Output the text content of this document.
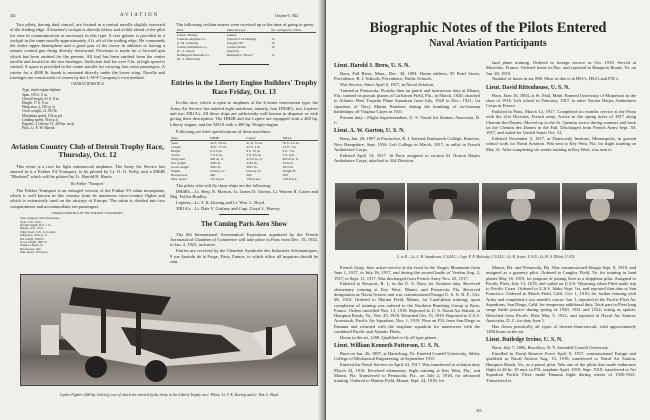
454	AVIATION	October 9, 1922

Two pilots, having dual control, are located in a central nacelle slightly rearward of the leading edge. A bomber's cockpit is directly below and a little ahead of the pilot for ease in communication as necessary in this type. A rear gunner is provided in a cockpit in the same nacelle approximately 4 ft. aft of the trailing edge. He commands the entire upper hemisphere and a good part of the lower in addition to having a remote control gun firing directly downward. Provision is made for a forward gun which has been omitted for the present. All fuel has been omitted from the center nacelle and located in the two fuselages. Sufficient fuel for over 5 hr. at high speed is carried. A space is provided in the center nacelle for carrying four extra passengers. A carrier for a 4000 lb. bomb is mounted directly under the lower wing. Nacelle and fuselages are constructed of veneer by the L-W-F Company's own method.

CHARACTERISTICS
Type, triple engine biplane.
Span, 105 ft. 6 in.
Overall length, 61 ft. 8 in.
Height, 17 ft. 9 in.
Wing area, 2,136 sq. ft.
Gross weight, 21,192 lb.
Maximum speed, 104 m.p.h.
Landing speed, 56 m.p.h.
Engines, 3 Liberty-12, 400 hp. each.
Pilot, Lt. E. W. Barron.
Aviation Country Club of Detroit Trophy Race, Thursday, Oct. 12

This event is a race for light commercial airplanes. The Army Air Service has entered in it a Fokker F4 Transport, to be piloted by Lt. O. G. Kelly, and a DH4B "Bluebird" which will be piloted by Lt. Harold R. Harris.

The Fokker "Transport"

The Fokker Transport is an enlarged version of the Fokker F3 cabin monoplane, which is well known in this country from its numerous cross-country flights and which is extensively used on the airways of Europe. The cabin is divided into two compartments and accommodates ten passengers.

CHARACTERISTICS OF THE FOKKER "TRANSPORT"
Type, transport cabin monoplane.
Span, 74 ft. 10 in.
Overall length, 49 ft. 1 in.
Height, 12 ft. 10 in.
Wing chord, 14 ft. 11 in. max.
Wing area, 1016 sq. ft.
Net weight, 5020 lb.
Gross weight, 7987 lb.
Engine, Liberty-12
Horsepower, 400
Max. speed, 110 m.p.h.

The following civilian entries were received up to the time of going to press:

Pilot	Make & Type	No. Assigned to Plane
John L. Hanley	LePere	
Johnson Airplane Co.	(Special Cox Design)	12
(J. M. Johnson)	Vought VE7	16
Curtiss Exhibition Co.	Curtiss Oriole	14
(C. S. Jones)	(Special)	
Remington-Burnelli Co.	Remington "Racer"	15
(R. S. McIntosh)		
Entries in the Liberty Engine Builders' Trophy Race Friday, Oct. 13

In this race, which is open to airplanes of the 2-seater observation type, the Army Air Service has entered eight machines, namely, four DH4B's, two Lepères and two XB1A's. All these ships are sufficiently well known to dispense us with giving their description. The DH4B and the Lepère are equipped with a 400 hp. Liberty engine, and the XB1A with a 300 hp. Wright engine.

Following are brief specifications of these machines:

Type	DH4B	Lepere	XB1A
Span	42 ft. 5¾ in.	41 ft. 7¼ in.	39 ft. 4¾ in.
Length	30 ft. 1½ in.	25 ft. 3 in.	25 ft. 7 in.
Height	9 ft. 8 in.	9 ft. 10 in.	9 ft. 7 in.
Chord	5 ft. 6 in.	5 ft. 6¾ in.	5 ft. 6 in.
Wing area	440 sq. ft.	415.9 sq. ft.	405.8 sq. ft.
Net weight	2939 lb.	2561 lb.	2321 lb.
Gross weight	4595 lb.	3825 lb.	3813 lb.
Engine	Liberty-12	Liberty-12	Wright H
Horsepower	400	400	300
Max. speed	124 m.p.h.	136 m.p.h.	130 m.p.h.

The pilots who will fly these ships are the following:

DH4B's—Lt. Benj. R. Morton, Lt. James D. Givens, Lt. Warren R. Carter and Maj. Follett Bradley.

Lepères—Lt. T. K. Koenig and Lt. Wm. L. Boyd.

XB1A's—Lt. Dale V. Gaffney and Capt. Lloyd L. Harvey.

The Coming Paris Aero Show

The 8th International Aeronautical Exposition organized by the French Aeronautical Chamber of Commerce will take place in Paris from Dec. 15, 1922, to Jan. 2, 1923, inclusive.

Entries are received by the Chambre Syndicale des Industries Aéronautiques, 9 rue Anatole de la Forge, Paris, France, to which office all inquiries should be sent.

Lepère Fighter (400 hp. Liberty), two of which are entered by the Army in the Liberty Trophy race. Pilots: Lt. T. K. Koenig and Lt. Wm. L. Boyd
Biographic Notes of the Pilots Entered
Naval Aviation Participants
Lieut. Harold J. Brow, U. S. N.

Born, Fall River, Mass., Dec. 30, 1894. Home address, 95 Pearl Street, Providence, R. I. Schools, Providence, Public Schools.

War Service, Since April 6, 1917, in Naval Aviation.

Trained at Pensacola, Florida; then on patrol and instruction duty at Miami, Fla.; trained on pursuit planes at Carlstrom Field, Fla., in March, 1920; attached to Atlantic Fleet Torpedo Plane Squadron from July, 1920 to Dec., 1921; 1st squadron of Navy Martin Bombers during the bombing of ex-German battleships off Virginia Capes in 1921.

Present duty—Flight Superintendent, U. S. Naval Air Station, Anacostia, D. C.

Lieut. A. W. Gorton, U. S. N.

Born, Jan. 29, 1897 at Pawtucket, R. I. Entered Dartmouth College, Hanover, New Hampshire, Sept. 1916. Left College in March, 1917, to enlist in French Ambulance Corps.

Enlisted April 14, 1917. In Paris assigned to section 61 Norton Harjes Ambulance Corps, attached to 42d Division,

land plane training. Ordered to foreign service in Oct. 1918. Served at Moutchic, France. Ordered home in Dec. and reported at Hampton Roads, Va. on Jan. 20, 1919.

Number of hours in air, 800. Most of this is in HS1's, HS2's and F5L's.

Lieut. David Rittenhouse, U. S. N.

Born, June 16, 1894, at St. Paul, Minn. Entered University of Minnesota in the class of 1916. Left school in February, 1917, to enter Norton Harjes Ambulance Corps in France.

Enlisted in Paris, March 12, 1917. Completed six months service at the Front with the 21st Division, French army. Active in the spring drive of 1917 along Chemin-des-Dames. Moved up to the St. Quentin sector during summer and back on the Chemin des Dames in the Fall. Discharged from French Army Sept. 30, 1917, and sailed for United States Oct. 12.

Enlisted November 5, 1917, at Dunwoody Institute, Minneapolis, in ground school work for Naval Aviation. Was sent to Key West, Fla. for flight training on May 31. After completing six weeks training at Key West, was sent to

L. to R.—Lt. L. H. Sanderson, U.S.M.C.; Capt. F. P. Mulcahy, U.S.M.C.; Lt. R. Irvine, U.S.N.; Lt. H. A. Elliott, U.S.N.

French Army. Saw active service at the front in the Vosges Mountains from June 1, 1917, to July 26, 1917, and during the second battle of Verdun Aug. 2, 1917, to Sept. 11, 1917. Was discharged from French Army Nov. 25, 1917.

Enlisted at Newport, R. I., in the U. S. Navy for Aviation duty. Received elementary training at Key West, Miami, and Pensacola, Fla. Received designation as Naval Aviator and was commissioned Ensign U. S. N. R. F., Oct. 28, 1918. Ordered to Marine Field, Miami, for Land-plane training; upon completion of training was ordered to the Northern Bombing Group at Paris, France. Orders cancelled Nov. 13, 1918. Reported to U. S. Naval Air Station, at Hampton Roads, Va., Nov. 25, 1918. Detached Oct. 15, 1919. Reported to U.S.S. Aroostook, Pacific Air Squadron, Nov. 1, 1919. Flew an F5L from San Diego to Panama and returned with the seaplane squadron for maneuvers with the combined Pacific and Atlantic Fleets.

Hours in the air, 1200. Qualified to fly all type planes.

Lieut. William Kenneth Patterson, U. S. N.

Born on Jan. 26, 1897, at Harrisburg, Pa. Entered Cornell University, Sibley College of Mechanical Engineering, in September 1915.

Entered the Naval Service on April 24, 1917. Was transferred to aviation duty March 24, 1918. Received elementary flight training at Key West, Fla., and Miami, Fla. Transferred to Pensacola, Fla., on July 2, 1918, for advanced training. Ordered to Marine Field, Miami, Sept. 24, 1918, for

Miami, Fla. and Pensacola, Fla. Was commissioned Ensign Sept. 8, 1918, and assigned as a gunnery pilot. Ordered to Langley Field, Va. for training in land planes May 16, 1919, for purpose of joining fleet as a shipplane pilot. Assigned to Pacific Fleet, July 13, 1919, and sailed on U.S.S. Wyoming when Fleet made trip to Pacific Coast. Ordered to U.S.S. Idaho Sept. 1st, and reported that date at San Francisco. Ordered to March Field, Calif. Oct. 1, 1919, for further training with Army and completed a two month's course. Jan. 1, reported to the Pacific Fleet Air Squadrons, San Diego, Calif. for temporary additional duty. Took part in Fleet long range battle practice during spring of 1920, 1921 and 1922, acting as spotter. Detached from Pacific Fleet May 5, 1922, and reported at Naval Air Station, Anacostia, D. C. for duty June 1.

Has flown practically all types of heavier-than-aircraft, with approximately 1400 hours in the air.

Lieut. Rutledge Irvine, U. S. N.

Born, July 7, 1896, Brooklyn, N. Y. Attended Cornell University.

Enrolled in Naval Reserve Force April 9, 1917, commissioned Ensign and qualified as Naval Aviator Aug. 13, 1918; transferred to Naval Air Station, Hampton Roads, Va., as a patrol pilot. Was one of the pilots that made endurance flight of 20 hr. 19 min. in F5L seaplane April, 1919. Sept. 1919, transferred to Air Squadron Pacific Fleet; made Panama flight during winter of 1920-1921. Transferred to

455
